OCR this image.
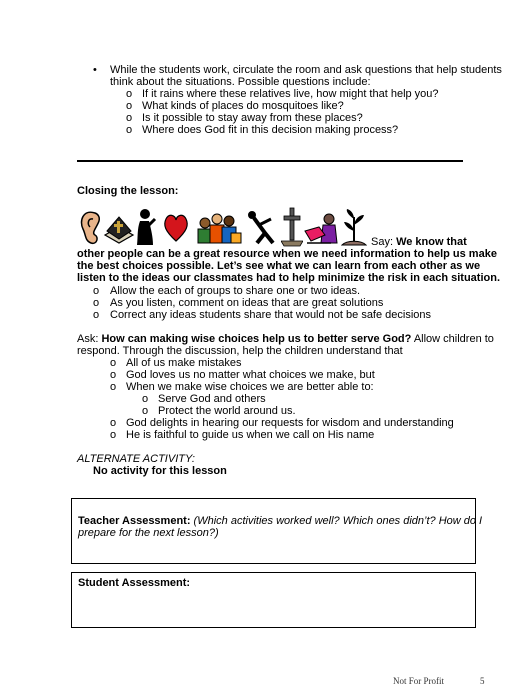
• While the students work, circulate the room and ask questions that help students
think about the situations. Possible questions include:
o If it rains where these relatives live, how might that help you?
o What kinds of places do mosquitoes like?
o Is it possible to stay away from these places?
o Where does God fit in this decision making process?
Closing the lesson:
Say: We know that
other people can be a great resource when we need information to help us make
the best choices possible. Let’s see what we can learn from each other as we
listen to the ideas our classmates had to help minimize the risk in each situation.
o Allow the each of groups to share one or two ideas.
o As you listen, comment on ideas that are great solutions
o Correct any ideas students share that would not be safe decisions
Ask: How can making wise choices help us to better serve God? Allow children to
respond. Through the discussion, help the children understand that
o All of us make mistakes
o God loves us no matter what choices we make, but
o When we make wise choices we are better able to:
o Serve God and others
o Protect the world around us.
o God delights in hearing our requests for wisdom and understanding
o He is faithful to guide us when we call on His name
ALTERNATE ACTIVITY:
No activity for this lesson
Teacher Assessment: (Which activities worked well? Which ones didn’t? How do I
prepare for the next lesson?)
Student Assessment:
Not For Profit	5
